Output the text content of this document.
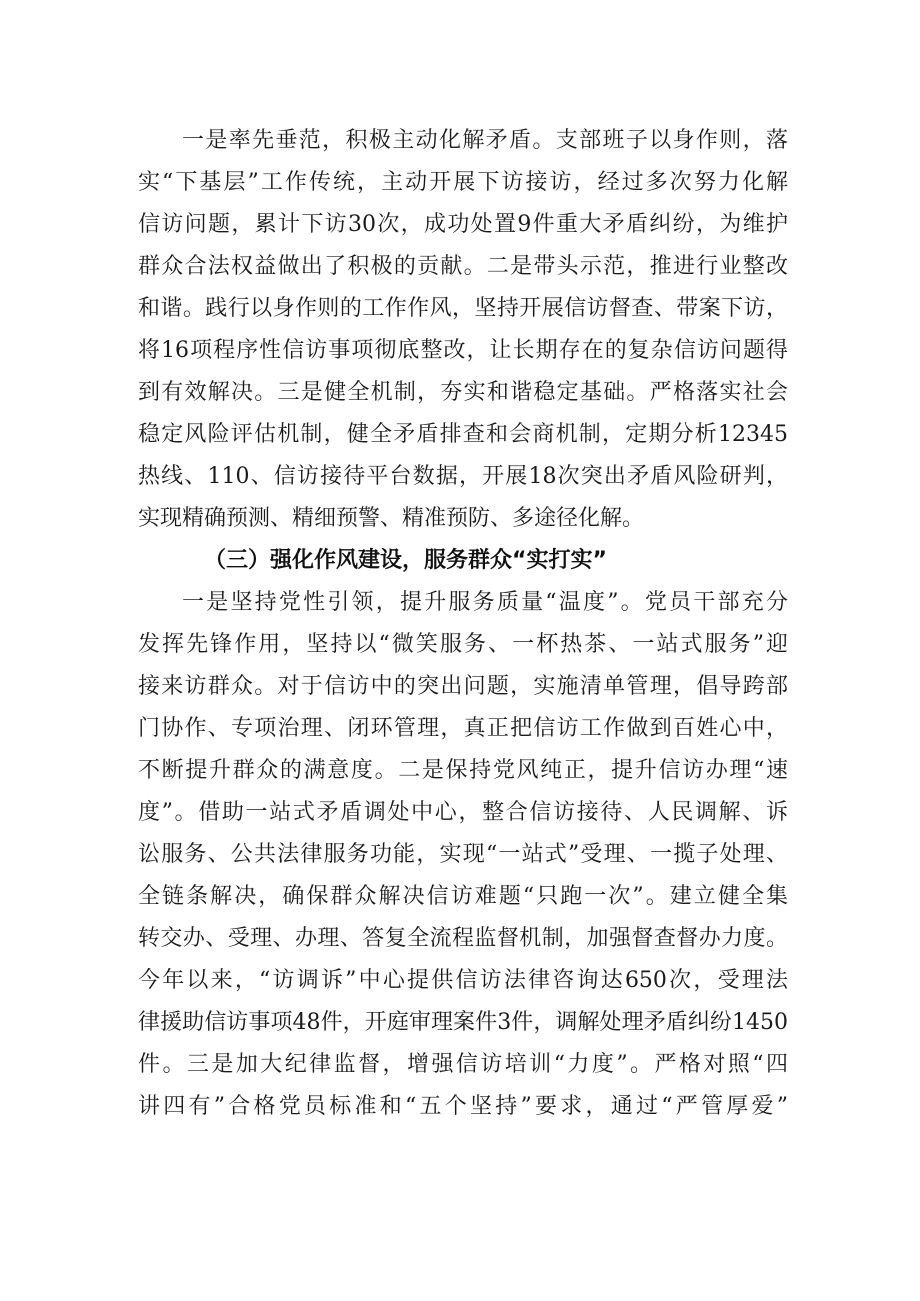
一是率先垂范，积极主动化解矛盾。支部班子以身作则，落
实“下基层”工作传统，主动开展下访接访，经过多次努力化解
信访问题，累计下访30次，成功处置9件重大矛盾纠纷，为维护
群众合法权益做出了积极的贡献。二是带头示范，推进行业整改
和谐。践行以身作则的工作作风，坚持开展信访督查、带案下访，
将16项程序性信访事项彻底整改，让长期存在的复杂信访问题得
到有效解决。三是健全机制，夯实和谐稳定基础。严格落实社会
稳定风险评估机制，健全矛盾排查和会商机制，定期分析12345
热线、110、信访接待平台数据，开展18次突出矛盾风险研判，
实现精确预测、精细预警、精准预防、多途径化解。
（三）强化作风建设，服务群众“实打实”
一是坚持党性引领，提升服务质量“温度”。党员干部充分
发挥先锋作用，坚持以“微笑服务、一杯热茶、一站式服务”迎
接来访群众。对于信访中的突出问题，实施清单管理，倡导跨部
门协作、专项治理、闭环管理，真正把信访工作做到百姓心中，
不断提升群众的满意度。二是保持党风纯正，提升信访办理“速
度”。借助一站式矛盾调处中心，整合信访接待、人民调解、诉
讼服务、公共法律服务功能，实现“一站式”受理、一揽子处理、
全链条解决，确保群众解决信访难题“只跑一次”。建立健全集
转交办、受理、办理、答复全流程监督机制，加强督查督办力度。
今年以来，“访调诉”中心提供信访法律咨询达650次，受理法
律援助信访事项48件，开庭审理案件3件，调解处理矛盾纠纷1450
件。三是加大纪律监督，增强信访培训“力度”。严格对照“四
讲四有”合格党员标准和“五个坚持”要求，通过“严管厚爱”
